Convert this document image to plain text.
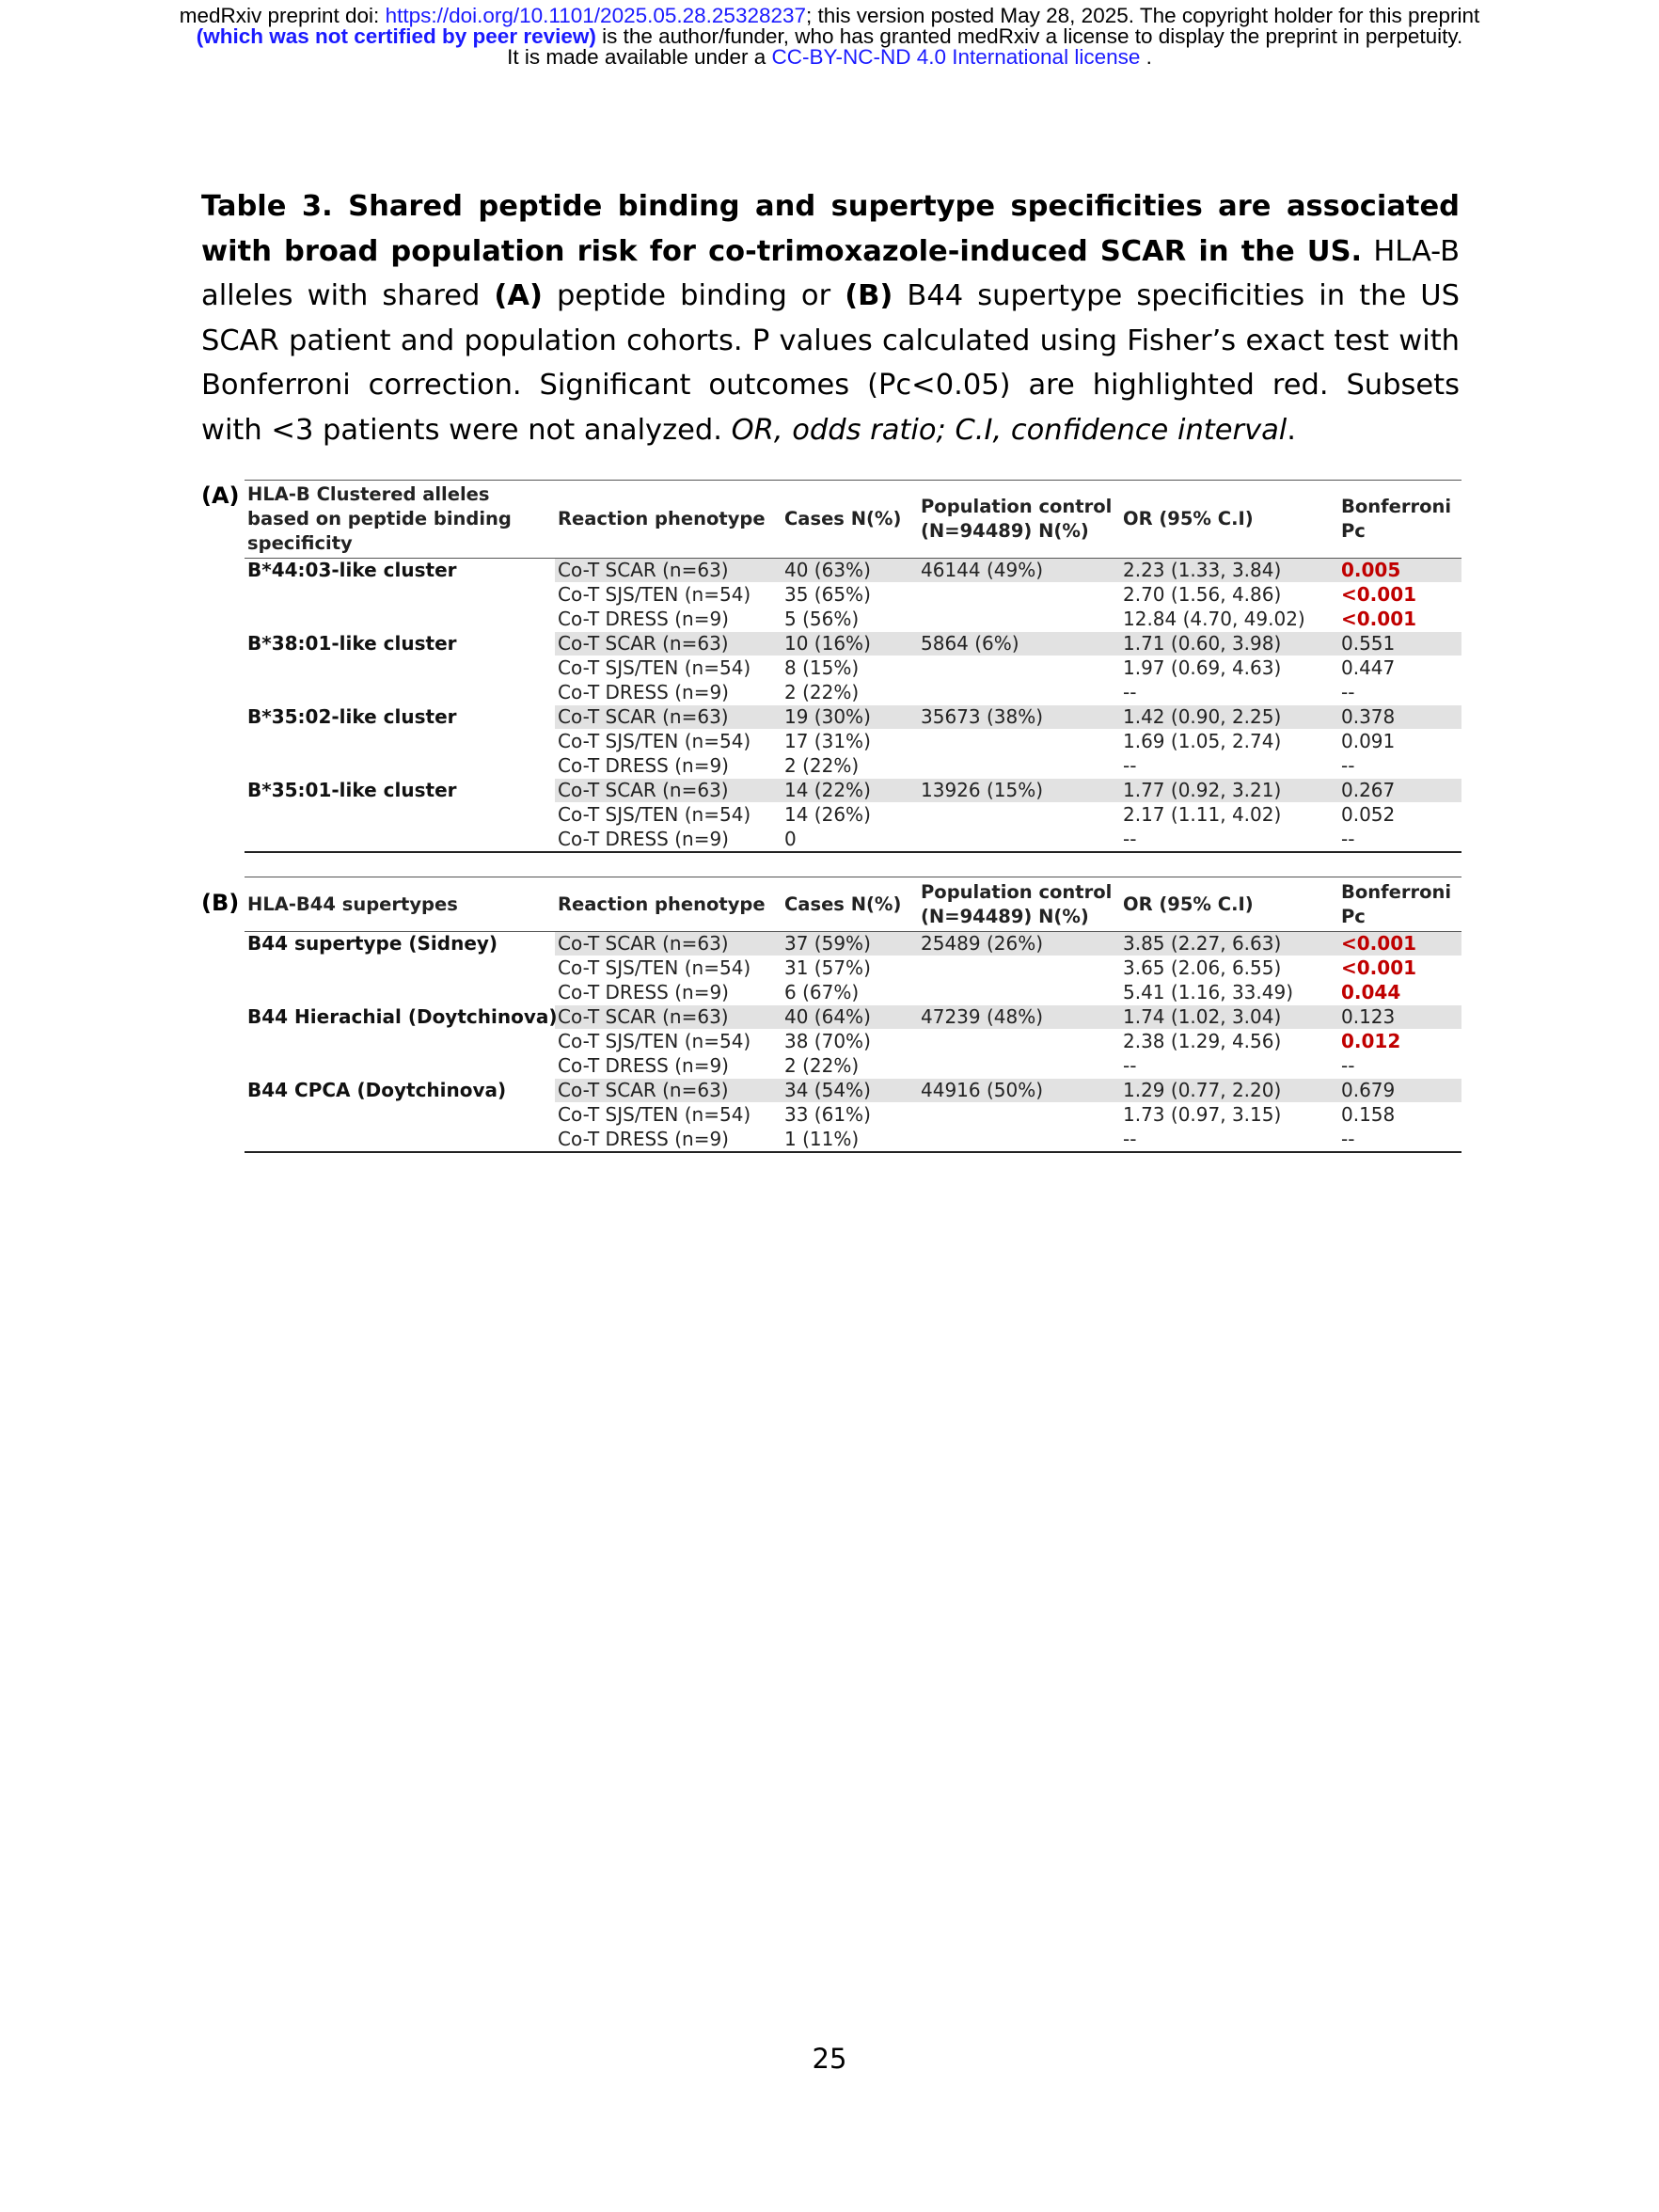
medRxiv preprint doi: https://doi.org/10.1101/2025.05.28.25328237; this version posted May 28, 2025. The copyright holder for this preprint
(which was not certified by peer review) is the author/funder, who has granted medRxiv a license to display the preprint in perpetuity.
It is made available under a CC-BY-NC-ND 4.0 International license .
Table 3. Shared peptide binding and supertype specificities are associated with broad population risk for co-trimoxazole-induced SCAR in the US. HLA-B alleles with shared (A) peptide binding or (B) B44 supertype specificities in the US SCAR patient and population cohorts. P values calculated using Fisher’s exact test with Bonferroni correction. Significant outcomes (Pc<0.05) are highlighted red. Subsets with <3 patients were not analyzed. OR, odds ratio; C.I, confidence interval.
(A) HLA-B Clustered alleles based on peptide binding specificity	Reaction phenotype	Cases N(%)	Population control (N=94489) N(%)	OR (95% C.I)	Bonferroni Pc
B*44:03-like cluster	Co-T SCAR (n=63)	40 (63%)	46144 (49%)	2.23 (1.33, 3.84)	0.005
	Co-T SJS/TEN (n=54)	35 (65%)		2.70 (1.56, 4.86)	<0.001
	Co-T DRESS (n=9)	5 (56%)		12.84 (4.70, 49.02)	<0.001
B*38:01-like cluster	Co-T SCAR (n=63)	10 (16%)	5864 (6%)	1.71 (0.60, 3.98)	0.551
	Co-T SJS/TEN (n=54)	8 (15%)		1.97 (0.69, 4.63)	0.447
	Co-T DRESS (n=9)	2 (22%)		--	--
B*35:02-like cluster	Co-T SCAR (n=63)	19 (30%)	35673 (38%)	1.42 (0.90, 2.25)	0.378
	Co-T SJS/TEN (n=54)	17 (31%)		1.69 (1.05, 2.74)	0.091
	Co-T DRESS (n=9)	2 (22%)		--	--
B*35:01-like cluster	Co-T SCAR (n=63)	14 (22%)	13926 (15%)	1.77 (0.92, 3.21)	0.267
	Co-T SJS/TEN (n=54)	14 (26%)		2.17 (1.11, 4.02)	0.052
	Co-T DRESS (n=9)	0		--	--
(B) HLA-B44 supertypes	Reaction phenotype	Cases N(%)	Population control (N=94489) N(%)	OR (95% C.I)	Bonferroni Pc
B44 supertype (Sidney)	Co-T SCAR (n=63)	37 (59%)	25489 (26%)	3.85 (2.27, 6.63)	<0.001
	Co-T SJS/TEN (n=54)	31 (57%)		3.65 (2.06, 6.55)	<0.001
	Co-T DRESS (n=9)	6 (67%)		5.41 (1.16, 33.49)	0.044
B44 Hierachial (Doytchinova)	Co-T SCAR (n=63)	40 (64%)	47239 (48%)	1.74 (1.02, 3.04)	0.123
	Co-T SJS/TEN (n=54)	38 (70%)		2.38 (1.29, 4.56)	0.012
	Co-T DRESS (n=9)	2 (22%)		--	--
B44 CPCA (Doytchinova)	Co-T SCAR (n=63)	34 (54%)	44916 (50%)	1.29 (0.77, 2.20)	0.679
	Co-T SJS/TEN (n=54)	33 (61%)		1.73 (0.97, 3.15)	0.158
	Co-T DRESS (n=9)	1 (11%)		--	--
25
